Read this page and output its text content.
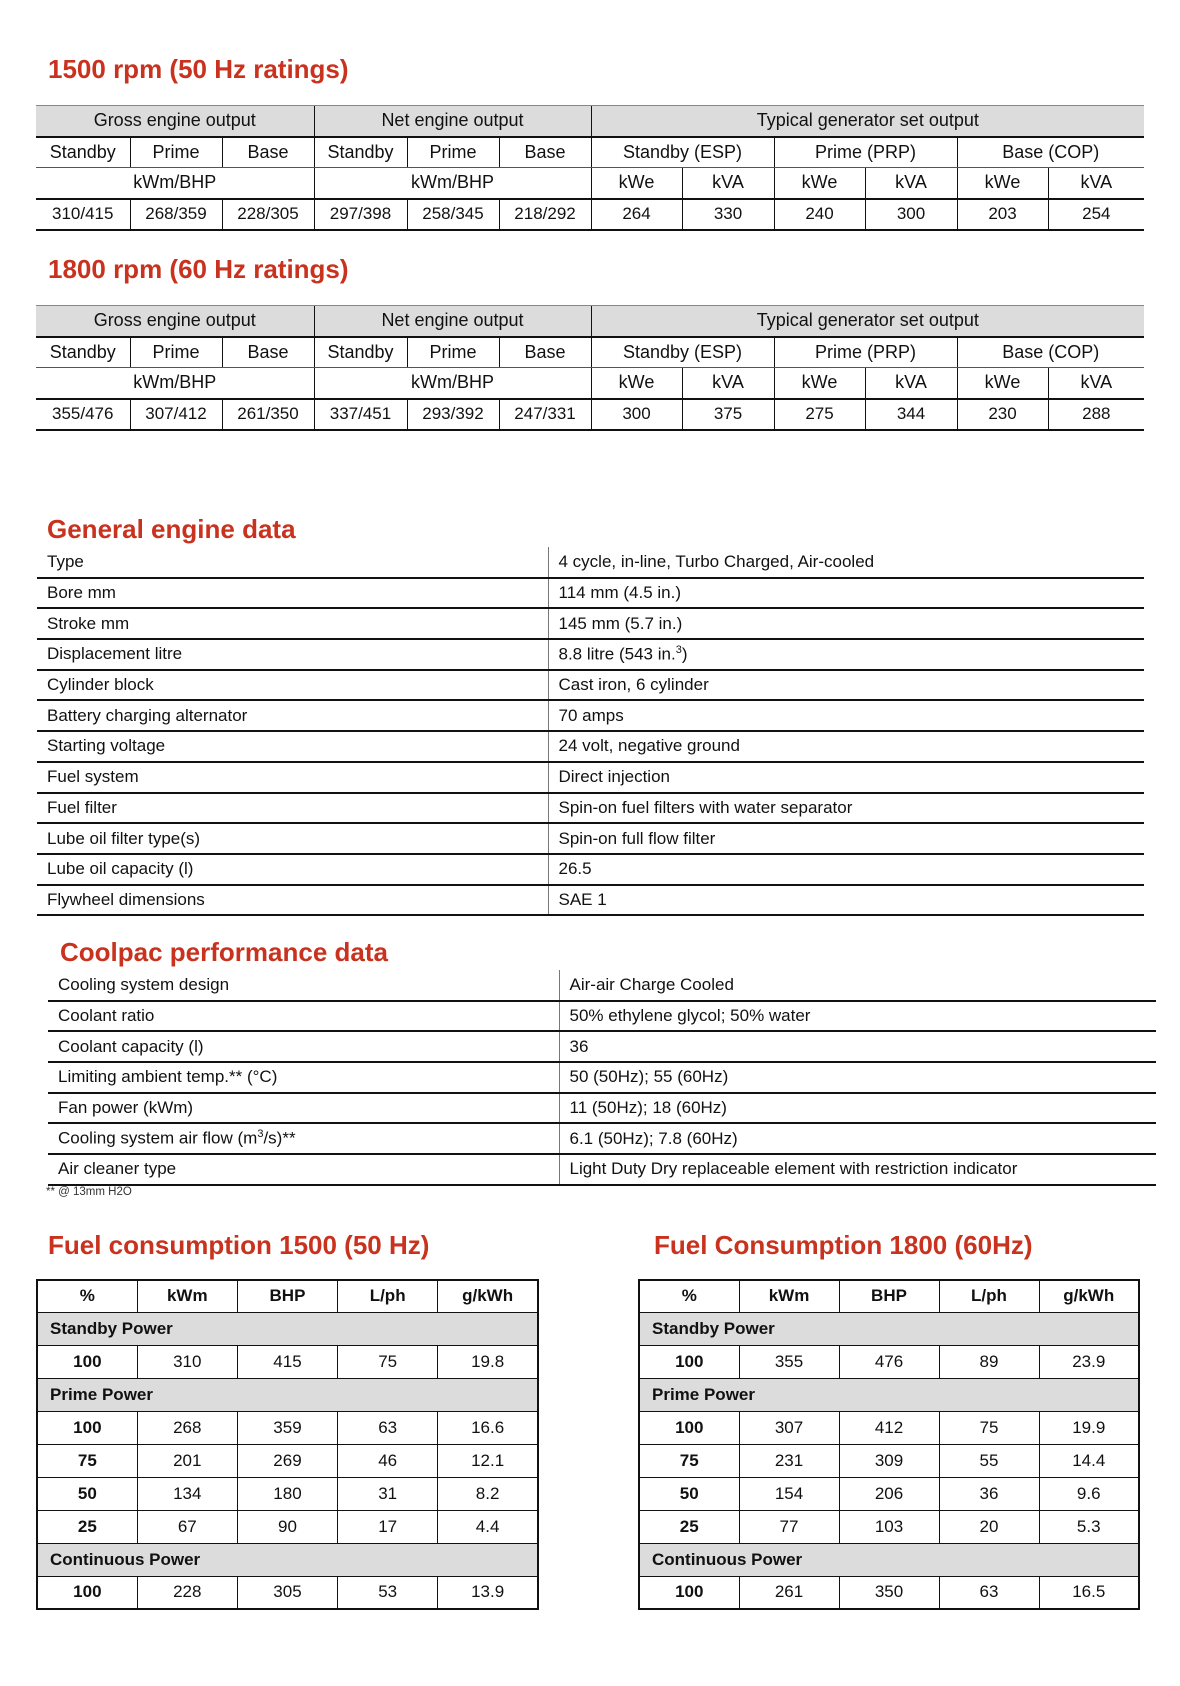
1500 rpm (50 Hz ratings)
Gross engine output			Net engine output			Typical generator set output					
Standby	Prime	Base	Standby	Prime	Base	Standby (ESP)		Prime (PRP)		Base (COP)	
kWm/BHP			kWm/BHP			kWe	kVA	kWe	kVA	kWe	kVA
310/415	268/359	228/305	297/398	258/345	218/292	264	330	240	300	203	254
1800 rpm (60 Hz ratings)
Gross engine output			Net engine output			Typical generator set output					
Standby	Prime	Base	Standby	Prime	Base	Standby (ESP)		Prime (PRP)		Base (COP)	
kWm/BHP			kWm/BHP			kWe	kVA	kWe	kVA	kWe	kVA
355/476	307/412	261/350	337/451	293/392	247/331	300	375	275	344	230	288
General engine data
Type	4 cycle, in-line, Turbo Charged, Air-cooled
Bore mm	114 mm (4.5 in.)
Stroke mm	145 mm (5.7 in.)
Displacement litre	8.8 litre (543 in.$^3$)
Cylinder block	Cast iron, 6 cylinder
Battery charging alternator	70 amps
Starting voltage	24 volt, negative ground
Fuel system	Direct injection
Fuel filter	Spin-on fuel filters with water separator
Lube oil filter type(s)	Spin-on full flow filter
Lube oil capacity (l)	26.5
Flywheel dimensions	SAE 1
Coolpac performance data
Cooling system design	Air-air Charge Cooled
Coolant ratio	50% ethylene glycol; 50% water
Coolant capacity (l)	36
Limiting ambient temp.** (°C)	50 (50Hz); 55 (60Hz)
Fan power (kWm)	11 (50Hz); 18 (60Hz)
Cooling system air flow $(m^3/s)**$	6.1 (50Hz); 7.8 (60Hz)
Air cleaner type	Light Duty Dry replaceable element with restriction indicator

** @ 13mm H2O

Fuel consumption 1500 (50 Hz)
%	kWm	BHP	L/ph	g/kWh
Standby Power				
100	310	415	75	19.8
Prime Power				
100	268	359	63	16.6
75	201	269	46	12.1
50	134	180	31	8.2
25	67	90	17	4.4
Continuous Power				
100	228	305	53	13.9
Fuel Consumption 1800 (60Hz)
%	kWm	BHP	L/ph	g/kWh
Standby Power				
100	355	476	89	23.9
Prime Power				
100	307	412	75	19.9
75	231	309	55	14.4
50	154	206	36	9.6
25	77	103	20	5.3
Continuous Power				
100	261	350	63	16.5
